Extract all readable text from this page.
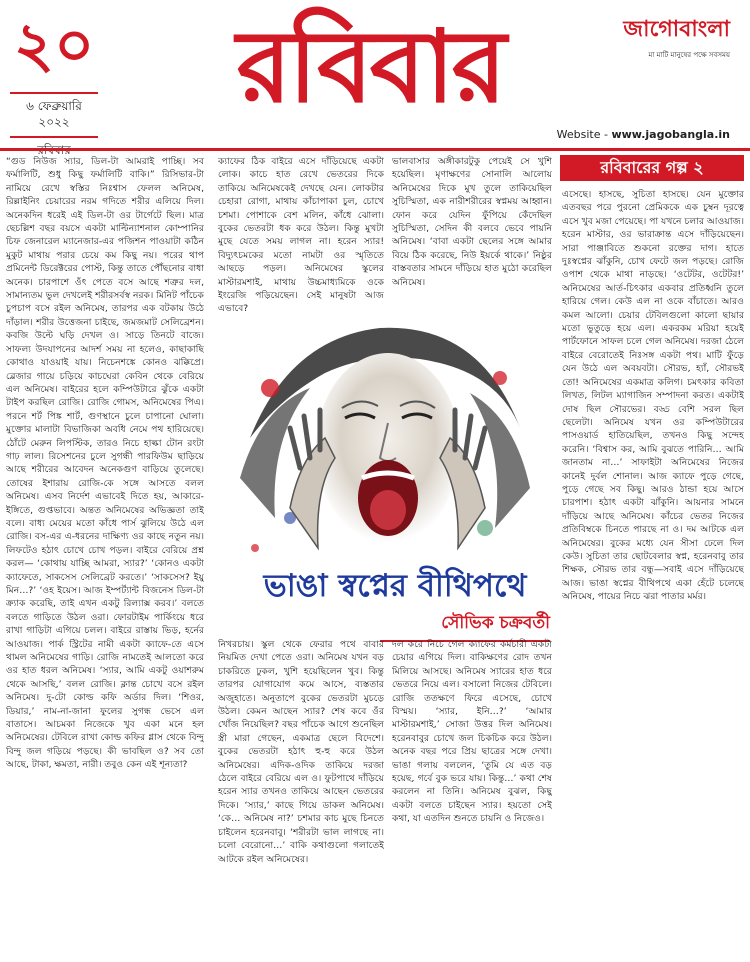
২০
৬ ফেব্রুয়ারি ২০২২ রবিবার	জাগোবাংলা
মা মাটি মানুষের পক্ষে সবসময়
Website - www.jagobangla.in
রবিবারের গল্প ২
“গুড নিউজ স্যার, ডিল-টা আমরাই পাচ্ছি। সব ফর্মালিটি, শুধু কিছু ফর্মালিটি বাকি।” রিসিভার-টা নামিয়ে রেখে স্বস্তির নিঃশ্বাস ফেলল অনিমেষ, রিল্লাইনিং চেয়ারের নরম গদিতে শরীর এলিয়ে দিল। অনেকদিন ধরেই এই ডিল-টা ওর টার্গেটে ছিল। মাত্র ছেচল্লিশ বছর বয়সে একটা মাল্টিন্যাশনাল কোম্পানির চিফ জেনারেল ম্যানেজার-এর পজিশন পাওয়াটা কঠিন মুকুট মাথায় পরার চেয়ে কম কিছু নয়। পরের থাপ প্রমিনেন্ট ডিরেক্টরের পোস্ট, কিন্তু তাতে পৌঁছনোর বাধা অনেক। চারপাশে ওঁৎ পেতে বসে আছে শত্রুর দল, সামান্যতম ভুল দেখলেই শরীরসর্বস্ব নরক। মিনিট পাঁচেক চুপচাপ বসে রইল অনিমেষ, তারপর এক বটকায় উঠে দাঁড়াল। শরীর উত্তেজনা চাইছে, জমজমাট সেলিব্রেশন। কবজি উল্টে ঘড়ি দেখল ও। সাড়ে তিনটে বাজে। সাফল্য উদযাপনের আদর্শ সময় না হলেও, কাছাকাছি কোথাও যাওয়াই যায়। নিচেনশঙ্কে কোনও ঝক্কিপ্রে। ব্লেজার গায়ে চড়িয়ে কাচঘেরা কেবিন থেকে বেরিয়ে এল অনিমেষ। বাইরের হলে কম্পিউটারে ঝুঁকে একটা টাইপ করছিল রোজি। রোজি গোমস, অনিমেষের পিএ। পরনে শর্ট পিঙ্ক শার্ট, গুণস্থানে চুলে চাপানো ঘোলা। মুক্তোর মালাটা বিভাজিকা অবধি নেমে পথ হারিয়েছে। ঠোঁটে মেরুন লিপস্টিক, তারও নিচে হাল্কা টোন রংটা গাঢ় লাল। রিসেশনের চুলে সুগন্ধী পারফিউম ছাড়িয়ে আছে শরীরের আবেদন অনেকগুণ বাড়িয়ে তুলেছে। তোষের ইশারায় রোজি-কে সঙ্গে আসতে বলল অনিমেষ। এসব নির্দেশ এভাবেই দিতে হয়, আকারে-ইঙ্গিতে, গুপ্তভাবে। অন্তত অনিমেষের অভিজ্ঞতা তাই বলে। বাধ্য মেয়ের মতো কাঁধে পার্স ঝুলিয়ে উঠে এল রোজি। বস-এর এ-ধরনের দাক্ষিণ্য ওর কাছে নতুন নয়। লিফটেও হঠাৎ চোখে চোখ পড়ল। বাইরে বেরিয়ে প্রশ্ন করল— ‘কোথায় যাচ্ছি আমরা, স্যার?’ ‘কোনও একটা ক্যাফেতে, সাকসেস সেলিব্রেট করতে।’ ‘সাকসেস? ইয়ু মিন…?’ ‘ওহ ইয়েস। আজ ইম্পর্ট্যান্ট বিজনেস ডিল-টা ক্র্যাক করেছি, তাই এখন একটু রিল্যাক্স করব।’ বলতে বলতে গাড়িতে উঠল ওরা। ফোরটাইম পার্কিংয়ে ধরে রাখা গাড়িটা এগিয়ে চলল। বাইরে রাস্তায় ভিড়, হর্নের আওয়াজ। পার্ক স্ট্রিটের নামী একটা ক্যাফে-তে এসে থামল অনিমেষের গাড়ি। রোজি নামতেই আলতো করে ওর হাত ধরল অনিমেষ। ‘স্যার, আমি একটু ওয়াশরুম থেকে আসছি,’ বলল রোজি। ক্লান্ত চোখে বসে রইল অনিমেষ। দু-টো কোল্ড কফি অর্ডার দিল। ‘শিওর, ডিয়ার,’ নাম-না-জানা ফুলের সুগন্ধ ভেসে এল বাতাসে। আচমকা নিজেকে খুব একা মনে হল অনিমেষের। টেবিলে রাখা কোল্ড কফির গ্লাস থেকে বিন্দু বিন্দু জল গড়িয়ে পড়ছে। কী ভাবছিল ও? সব তো আছে, টাকা, ক্ষমতা, নারী। তবুও কেন এই শূন্যতা?
ক্যাফের ঠিক বাইরে এসে দাঁড়িয়েছে একটা লোক। কাচে হাত রেখে ভেতরের দিকে তাকিয়ে অনিমেষকেই দেখছে যেন। লোকটার চেহারা রোগা, মাথায় কাঁচাপাকা চুল, চোখে চশমা। পোশাকে বেশ মলিন, কাঁধে ঝোলা। বুকের ভেতরটা ধক করে উঠল। কিন্তু মুখটা মুছে যেতে সময় লাগল না। হরেন স্যার! বিদ্যুৎচমকের মতো নামটা ওর স্মৃতিতে আছড়ে পড়ল। অনিমেষের স্কুলের মাস্টারমশাই, মাথায় উচ্চমাধ্যমিকে ওকে ইংরেজি পড়িয়েছেন। সেই মানুষটা আজ এভাবে?
ভালবাসার অঙ্গীকারটুকু পেয়েই সে খুশি হয়েছিল। মৃণাক্ষণের সোনালি আলোয় অনিমেষের দিকে মুখ তুলে তাকিয়েছিল সুচিস্মিতা, এক নারীশরীরের স্বপ্নময় আহ্বান। ফোন করে যেদিন ফুঁপিয়ে কেঁদেছিল সুচিস্মিতা, সেদিন কী বলবে ভেবে পায়নি অনিমেষ। ‘বাবা একটা ছেলের সঙ্গে আমার বিয়ে ঠিক করেছে, নিউ ইয়র্কে থাকে।’ নিষ্ঠুর বাস্তবতার সামনে দাঁড়িয়ে হাত মুঠো করেছিল অনিমেষ।
ভাঙা স্বপ্নের বীথিপথে
সৌভিক চক্রবর্তী
নিখরচায়। স্কুল থেকে ফেরার পথে বাবার নিয়মিত দেখা পেতে ওরা। অনিমেষ যখন বড় চাকরিতে ঢুকল, খুশি হয়েছিলেন খুব। কিন্তু তারপর যোগাযোগ কমে আসে, ব্যস্ততার অজুহাতে। অনুতাপে বুকের ভেতরটা মুচড়ে উঠল। কেমন আছেন স্যার? শেষ কবে ওঁর খোঁজ নিয়েছিল? বছর পাঁচেক আগে শুনেছিল স্ত্রী মারা গেছেন, একমাত্র ছেলে বিদেশে। বুকের ভেতরটা হঠাৎ হু-হু করে উঠল অনিমেষের। এদিক-ওদিক তাকিয়ে দরজা ঠেলে বাইরে বেরিয়ে এল ও। ফুটপাথে দাঁড়িয়ে হরেন স্যার তখনও তাকিয়ে আছেন ভেতরের দিকে। ‘স্যার,’ কাছে গিয়ে ডাকল অনিমেষ। ‘কে… অনিমেষ না?’ চশমার কাচ মুছে চিনতে চাইলেন হরেনবাবু। ‘শরীরটা ভাল লাগছে না। চলো বেরোনো…’ বাকি কথাগুলো গলাতেই আটকে রইল অনিমেষের।
দল করে নিচে গেল ক্যাফের কর্মচারী একটা চেয়ার এগিয়ে দিল। বাকিক্ষণের রোদ তখন মিলিয়ে আসছে। অনিমেষ স্যারের হাত ধরে ভেতরে নিয়ে এল। বসালো নিজের টেবিলে। রোজি ততক্ষণে ফিরে এসেছে, চোখে বিস্ময়। ‘স্যার, ইনি…?’ ‘আমার মাস্টারমশাই,’ সোজা উত্তর দিল অনিমেষ। হরেনবাবুর চোখে জল চিকচিক করে উঠল। অনেক বছর পরে প্রিয় ছাত্রের সঙ্গে দেখা। ভাঙা গলায় বললেন, ‘তুমি যে এত বড় হয়েছ, গর্বে বুক ভরে যায়। কিন্তু…’ কথা শেষ করলেন না তিনি। অনিমেষ বুঝল, কিছু একটা বলতে চাইছেন স্যার। হয়তো সেই কথা, যা এতদিন শুনতে চায়নি ও নিজেও।
এসেছে। হাসছে, সুচিতা হাসছে। যেন মুক্তোর এতবছর পরে পুরনো প্রেমিককে এক চুম্বন দূরত্বে এসে খুব মজা পেয়েছে। পা যখনে চলার আওয়াজ। হরেন মাস্টার, ওর ভারাক্রান্ত এসে দাঁড়িয়েছেন। সারা পাঞ্জাবিতে শুকনো রক্তের দাগ। হাতে দুঃস্বপ্নের ঝাঁকুনি, চোখ ফেটে জল পড়ছে। রোজি ওপাশ থেকে মাথা নাড়ছে। ‘ওটেটর, ওটেটর!’ অনিমেষের আর্ত-চিৎকার একবার প্রতিধ্বনি তুলে হারিয়ে গেল। কেউ এল না ওকে বাঁচাতে। আরও কমল আলো। চেয়ার টেবিলগুলো কালো ছায়ার মতো ভুতুড়ে হয়ে এল। একরকম মরিয়া হয়েই পার্টফোনে সাফল চলে গেল অনিমেষ। দরজা ঠেলে বাইরে বেরোতেই নিঃসঙ্গ একটা পথ। মাটি ফুঁড়ে যেন উঠে এল অবয়বটা। সৌরভ, হ্যাঁ, সৌরভই তো! অনিমেষের একমাত্র কলিগ। চমৎকার কবিতা লিখত, লিটল ম্যাগাজিন সম্পাদনা করত। একটাই দোষ ছিল সৌরভের। বড্ড বেশি সরল ছিল ছেলেটা। অনিমেষ যখন ওর কম্পিউটারের পাসওয়ার্ড হাতিয়েছিল, তখনও কিছু সন্দেহ করেনি। ‘বিশ্বাস কর, আমি বুঝতে পারিনি… আমি জানতাম না…’ সাফাইটা অনিমেষের নিজের কানেই দুর্বল শোনাল। আজ ক্যাফে পুড়ে গেছে, পুড়ে গেছে সব কিছু। আরও ঠান্ডা হয়ে আসে চারপাশ। হঠাৎ একটা ঝাঁকুনি। আয়নার সামনে দাঁড়িয়ে আছে অনিমেষ। কাঁচের ভেতর নিজের প্রতিবিম্বকে চিনতে পারছে না ও। দম আটকে এল অনিমেষের। বুকের মধ্যে যেন সীসা ঢেলে দিল কেউ। সুচিতা তার ছোটবেলার স্বপ্ন, হরেনবাবু তার শিক্ষক, সৌরভ তার বন্ধু—সবাই এসে দাঁড়িয়েছে আজ। ভাঙা স্বপ্নের বীথিপথে একা হেঁটে চলেছে অনিমেষ, পায়ের নিচে ঝরা পাতার মর্মর।
